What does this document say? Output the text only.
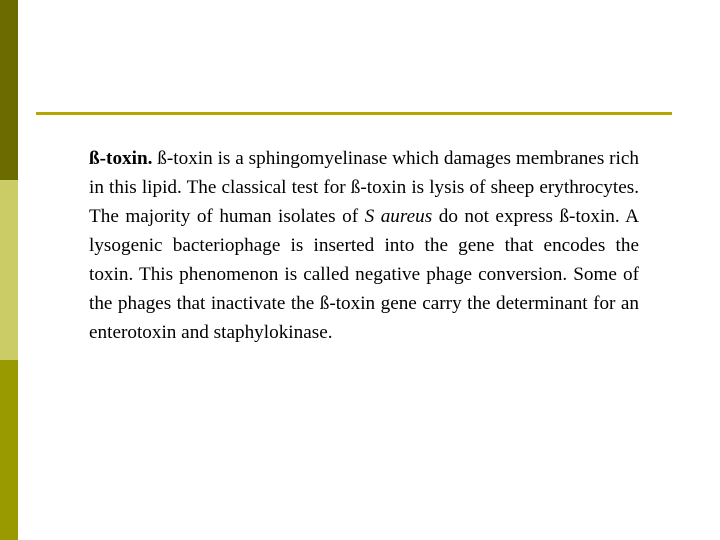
ß-toxin. ß-toxin is a sphingomyelinase which damages membranes rich in this lipid. The classical test for ß-toxin is lysis of sheep erythrocytes. The majority of human isolates of S aureus do not express ß-toxin. A lysogenic bacteriophage is inserted into the gene that encodes the toxin. This phenomenon is called negative phage conversion. Some of the phages that inactivate the ß-toxin gene carry the determinant for an enterotoxin and staphylokinase.
